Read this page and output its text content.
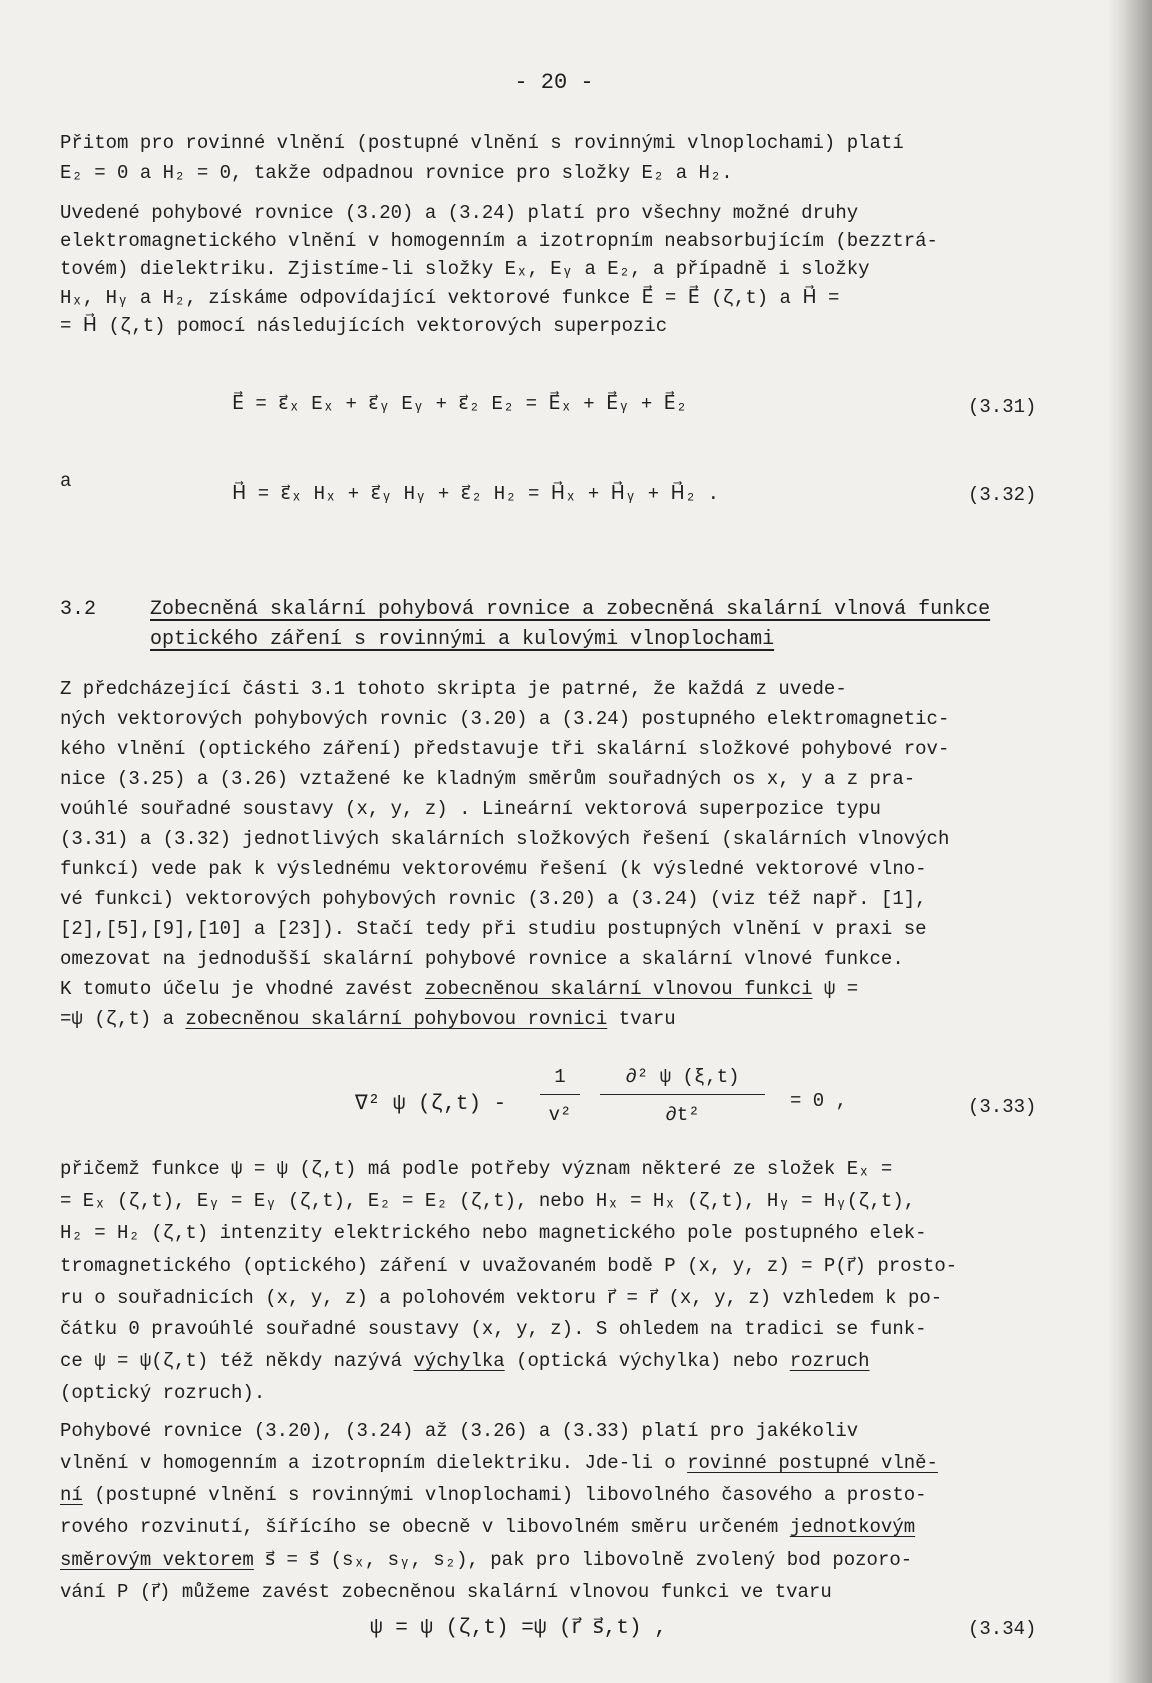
- 20 -
Přitom pro rovinné vlnění (postupné vlnění s rovinnými vlnoplochami) platí
E₂ = 0 a H₂ = 0, takže odpadnou rovnice pro složky E₂ a H₂.
Uvedené pohybové rovnice (3.20) a (3.24) platí pro všechny možné druhy
elektromagnetického vlnění v homogenním a izotropním neabsorbujícím (bezztrá-
tovém) dielektriku. Zjistíme-li složky Eₓ, Eᵧ a E₂, a případně i složky
Hₓ, Hᵧ a H₂, získáme odpovídající vektorové funkce E⃗ = E⃗ (ζ,t) a H⃗ =
= H⃗ (ζ,t) pomocí následujících vektorových superpozic
E⃗ = ε⃗ₓ Eₓ + ε⃗ᵧ Eᵧ + ε⃗₂ E₂ = E⃗ₓ + E⃗ᵧ + E⃗₂	(3.31)
a
H⃗ = ε⃗ₓ Hₓ + ε⃗ᵧ Hᵧ + ε⃗₂ H₂ = H⃗ₓ + H⃗ᵧ + H⃗₂ .	(3.32)
3.2	Zobecněná skalární pohybová rovnice a zobecněná skalární vlnová funkce
optického záření s rovinnými a kulovými vlnoplochami
Z předcházející části 3.1 tohoto skripta je patrné, že každá z uvede-
ných vektorových pohybových rovnic (3.20) a (3.24) postupného elektromagnetic-
kého vlnění (optického záření) představuje tři skalární složkové pohybové rov-
nice (3.25) a (3.26) vztažené ke kladným směrům souřadných os x, y a z pra-
voúhlé souřadné soustavy (x, y, z) . Lineární vektorová superpozice typu
(3.31) a (3.32) jednotlivých skalárních složkových řešení (skalárních vlnových
funkcí) vede pak k výslednému vektorovému řešení (k výsledné vektorové vlno-
vé funkci) vektorových pohybových rovnic (3.20) a (3.24) (viz též např. [1],
[2],[5],[9],[10] a [23]). Stačí tedy při studiu postupných vlnění v praxi se
omezovat na jednodušší skalární pohybové rovnice a skalární vlnové funkce.
K tomuto účelu je vhodné zavést zobecněnou skalární vlnovou funkci ψ =
=ψ (ζ,t) a zobecněnou skalární pohybovou rovnici tvaru
∇² ψ (ζ,t) -
1
v²
∂² ψ (ξ,t)
∂t²
= 0 ,	(3.33)
přičemž funkce ψ = ψ (ζ,t) má podle potřeby význam některé ze složek Eₓ =
= Eₓ (ζ,t), Eᵧ = Eᵧ (ζ,t), E₂ = E₂ (ζ,t), nebo Hₓ = Hₓ (ζ,t), Hᵧ = Hᵧ(ζ,t),
H₂ = H₂ (ζ,t) intenzity elektrického nebo magnetického pole postupného elek-
tromagnetického (optického) záření v uvažovaném bodě P (x, y, z) = P(r⃗) prosto-
ru o souřadnicích (x, y, z) a polohovém vektoru r⃗ = r⃗ (x, y, z) vzhledem k po-
čátku 0 pravoúhlé souřadné soustavy (x, y, z). S ohledem na tradici se funk-
ce ψ = ψ(ζ,t) též někdy nazývá výchylka (optická výchylka) nebo rozruch
(optický rozruch).
Pohybové rovnice (3.20), (3.24) až (3.26) a (3.33) platí pro jakékoliv
vlnění v homogenním a izotropním dielektriku. Jde-li o rovinné postupné vlně-
ní (postupné vlnění s rovinnými vlnoplochami) libovolného časového a prosto-
rového rozvinutí, šířícího se obecně v libovolném směru určeném jednotkovým
směrovým vektorem s⃗ = s⃗ (sₓ, sᵧ, s₂), pak pro libovolně zvolený bod pozoro-
vání P (r⃗) můžeme zavést zobecněnou skalární vlnovou funkci ve tvaru
ψ = ψ (ζ,t) =ψ (r⃗ s⃗,t) ,	(3.34)
